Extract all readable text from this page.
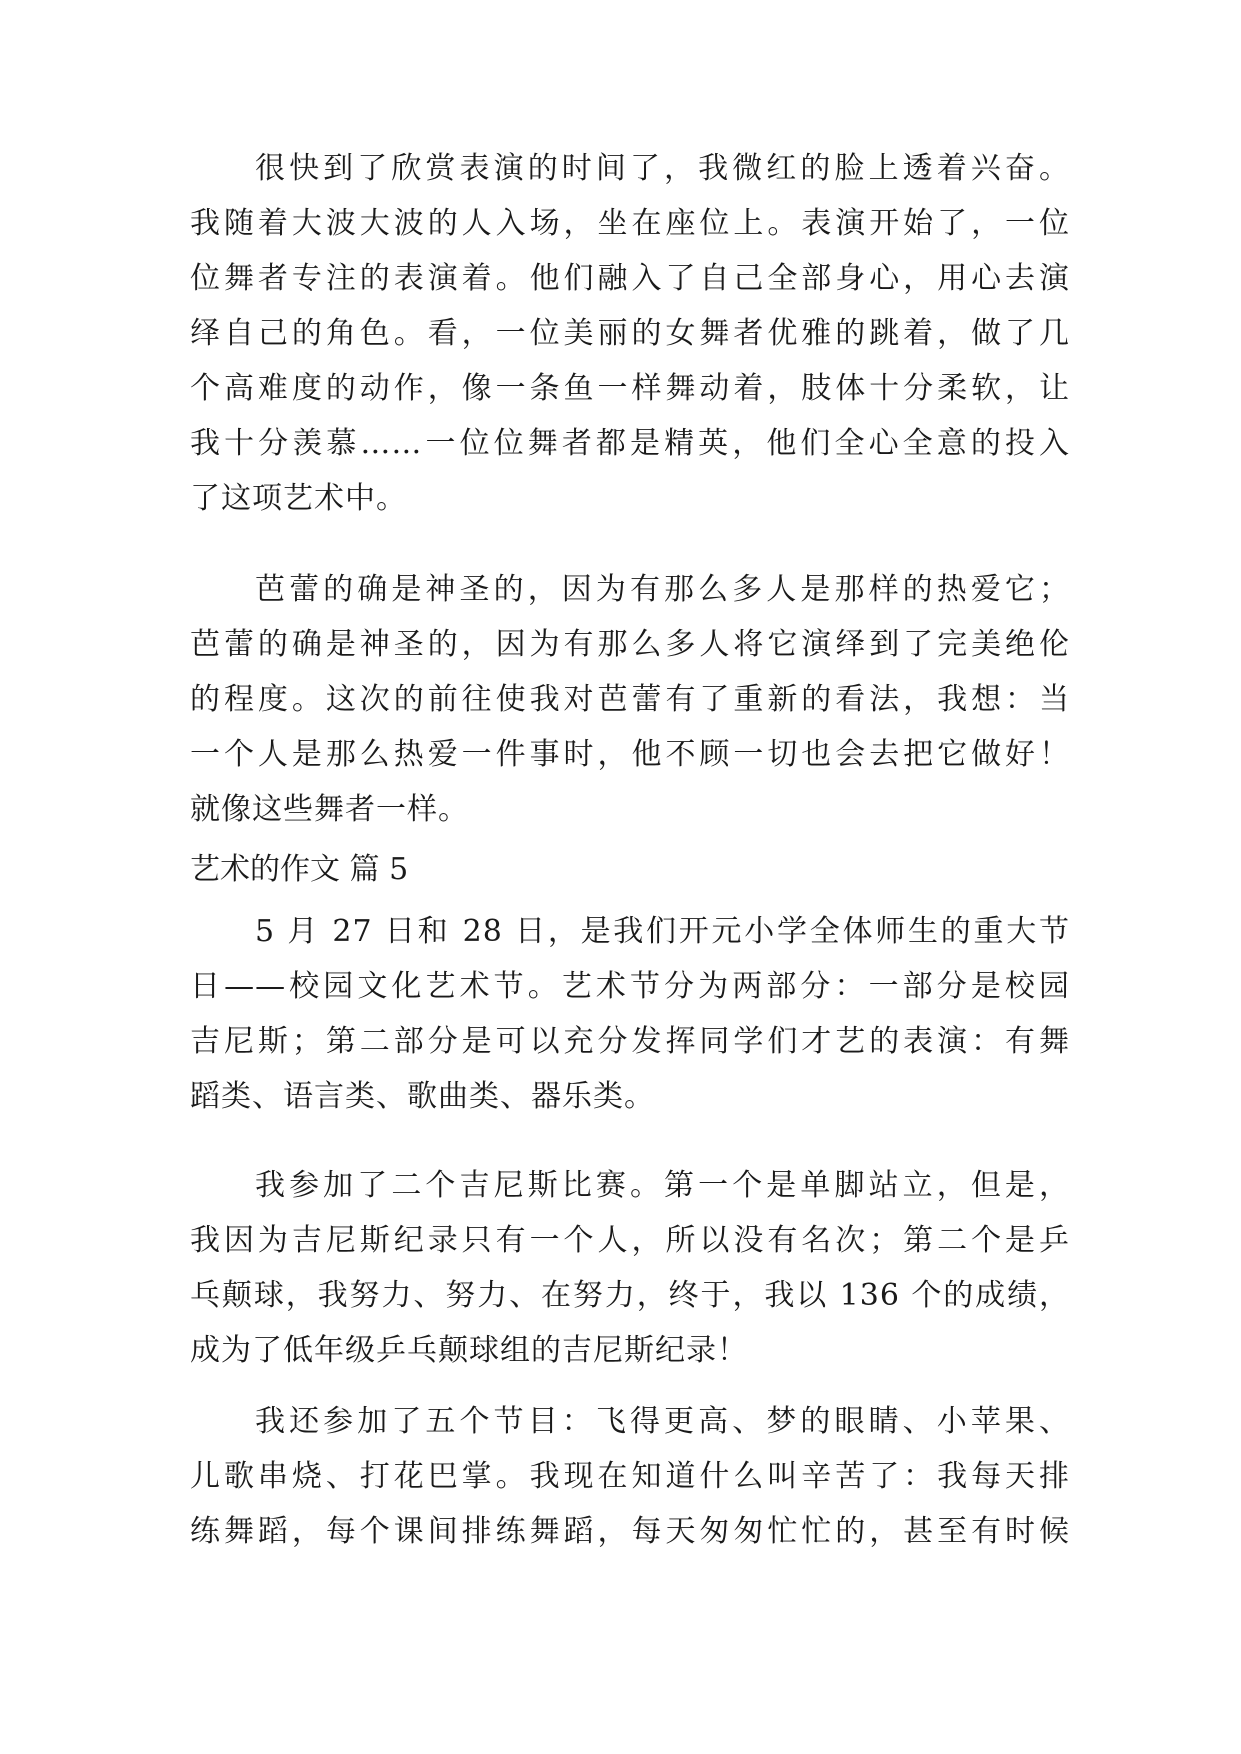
很快到了欣赏表演的时间了，我微红的脸上透着兴奋。
我随着大波大波的人入场，坐在座位上。表演开始了，一位
位舞者专注的表演着。他们融入了自己全部身心，用心去演
绎自己的角色。看，一位美丽的女舞者优雅的跳着，做了几
个高难度的动作，像一条鱼一样舞动着，肢体十分柔软，让
我十分羡慕……一位位舞者都是精英，他们全心全意的投入
了这项艺术中。
芭蕾的确是神圣的，因为有那么多人是那样的热爱它；
芭蕾的确是神圣的，因为有那么多人将它演绎到了完美绝伦
的程度。这次的前往使我对芭蕾有了重新的看法，我想：当
一个人是那么热爱一件事时，他不顾一切也会去把它做好！
就像这些舞者一样。
艺术的作文 篇 5
5 月 27 日和 28 日，是我们开元小学全体师生的重大节
日——校园文化艺术节。艺术节分为两部分：一部分是校园
吉尼斯；第二部分是可以充分发挥同学们才艺的表演：有舞
蹈类、语言类、歌曲类、器乐类。
我参加了二个吉尼斯比赛。第一个是单脚站立，但是，
我因为吉尼斯纪录只有一个人，所以没有名次；第二个是乒
乓颠球，我努力、努力、在努力，终于，我以 136 个的成绩，
成为了低年级乒乓颠球组的吉尼斯纪录！
我还参加了五个节目：飞得更高、梦的眼睛、小苹果、
儿歌串烧、打花巴掌。我现在知道什么叫辛苦了：我每天排
练舞蹈，每个课间排练舞蹈，每天匆匆忙忙的，甚至有时候
